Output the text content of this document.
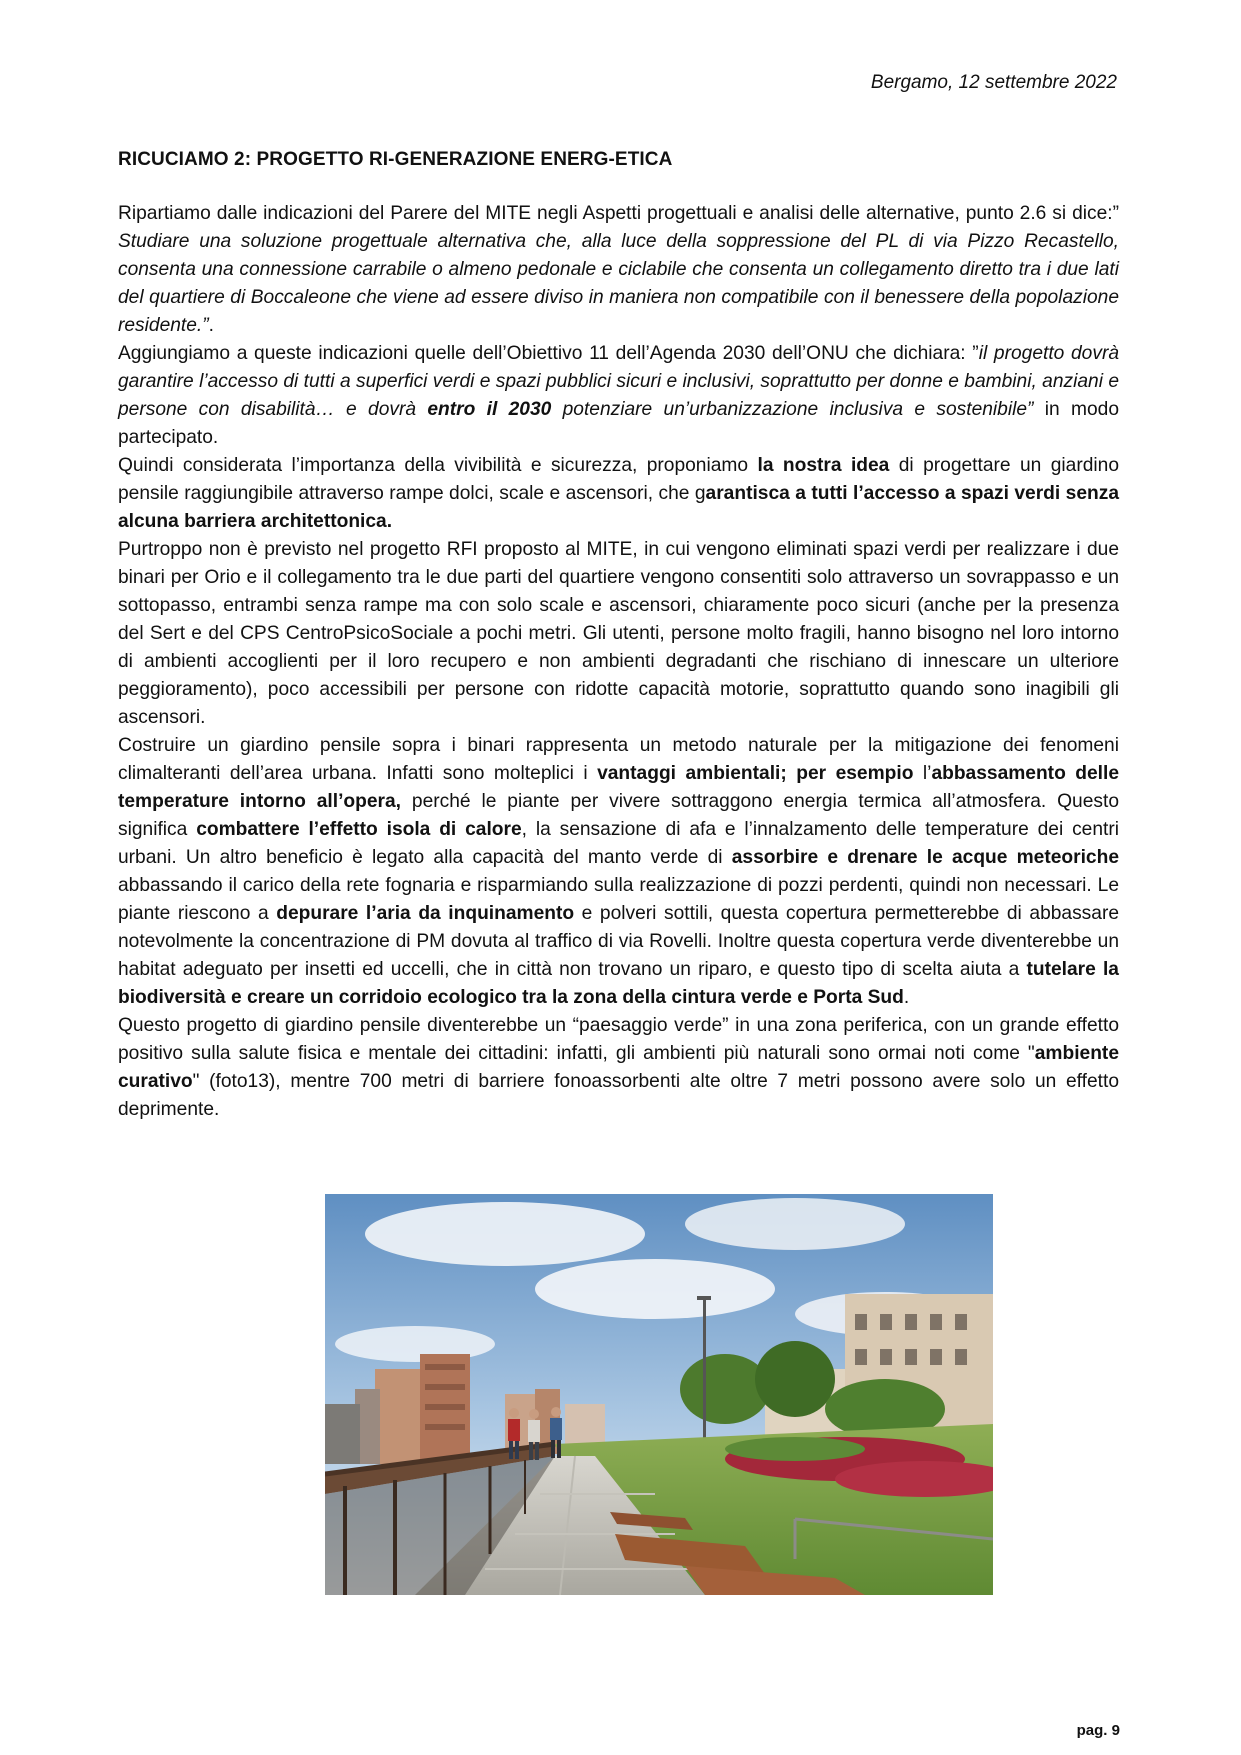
Bergamo, 12 settembre 2022
RICUCIAMO 2: PROGETTO RI-GENERAZIONE ENERG-ETICA

Ripartiamo dalle indicazioni del Parere del MITE negli Aspetti progettuali e analisi delle alternative, punto 2.6 si dice:” Studiare una soluzione progettuale alternativa che, alla luce della soppressione del PL di via Pizzo Recastello, consenta una connessione carrabile o almeno pedonale e ciclabile che consenta un collegamento diretto tra i due lati del quartiere di Boccaleone che viene ad essere diviso in maniera non compatibile con il benessere della popolazione residente.”.

Aggiungiamo a queste indicazioni quelle dell’Obiettivo 11 dell’Agenda 2030 dell’ONU che dichiara: ”il progetto dovrà garantire l’accesso di tutti a superfici verdi e spazi pubblici sicuri e inclusivi, soprattutto per donne e bambini, anziani e persone con disabilità… e dovrà entro il 2030 potenziare un’urbanizzazione inclusiva e sostenibile” in modo partecipato.

Quindi considerata l’importanza della vivibilità e sicurezza, proponiamo la nostra idea di progettare un giardino pensile raggiungibile attraverso rampe dolci, scale e ascensori, che garantisca a tutti l’accesso a spazi verdi senza alcuna barriera architettonica.

Purtroppo non è previsto nel progetto RFI proposto al MITE, in cui vengono eliminati spazi verdi per realizzare i due binari per Orio e il collegamento tra le due parti del quartiere vengono consentiti solo attraverso un sovrappasso e un sottopasso, entrambi senza rampe ma con solo scale e ascensori, chiaramente poco sicuri (anche per la presenza del Sert e del CPS CentroPsicoSociale a pochi metri. Gli utenti, persone molto fragili, hanno bisogno nel loro intorno di ambienti accoglienti per il loro recupero e non ambienti degradanti che rischiano di innescare un ulteriore peggioramento), poco accessibili per persone con ridotte capacità motorie, soprattutto quando sono inagibili gli ascensori.

Costruire un giardino pensile sopra i binari rappresenta un metodo naturale per la mitigazione dei fenomeni climalteranti dell’area urbana. Infatti sono molteplici i vantaggi ambientali; per esempio l’abbassamento delle temperature intorno all’opera, perché le piante per vivere sottraggono energia termica all’atmosfera. Questo significa combattere l’effetto isola di calore, la sensazione di afa e l’innalzamento delle temperature dei centri urbani. Un altro beneficio è legato alla capacità del manto verde di assorbire e drenare le acque meteoriche abbassando il carico della rete fognaria e risparmiando sulla realizzazione di pozzi perdenti, quindi non necessari. Le piante riescono a depurare l’aria da inquinamento e polveri sottili, questa copertura permetterebbe di abbassare notevolmente la concentrazione di PM dovuta al traffico di via Rovelli. Inoltre questa copertura verde diventerebbe un habitat adeguato per insetti ed uccelli, che in città non trovano un riparo, e questo tipo di scelta aiuta a tutelare la biodiversità e creare un corridoio ecologico tra la zona della cintura verde e Porta Sud.

Questo progetto di giardino pensile diventerebbe un “paesaggio verde” in una zona periferica, con un grande effetto positivo sulla salute fisica e mentale dei cittadini: infatti, gli ambienti più naturali sono ormai noti come "ambiente curativo" (foto13), mentre 700 metri di barriere fonoassorbenti alte oltre 7 metri possono avere solo un effetto deprimente.

pag. 9
